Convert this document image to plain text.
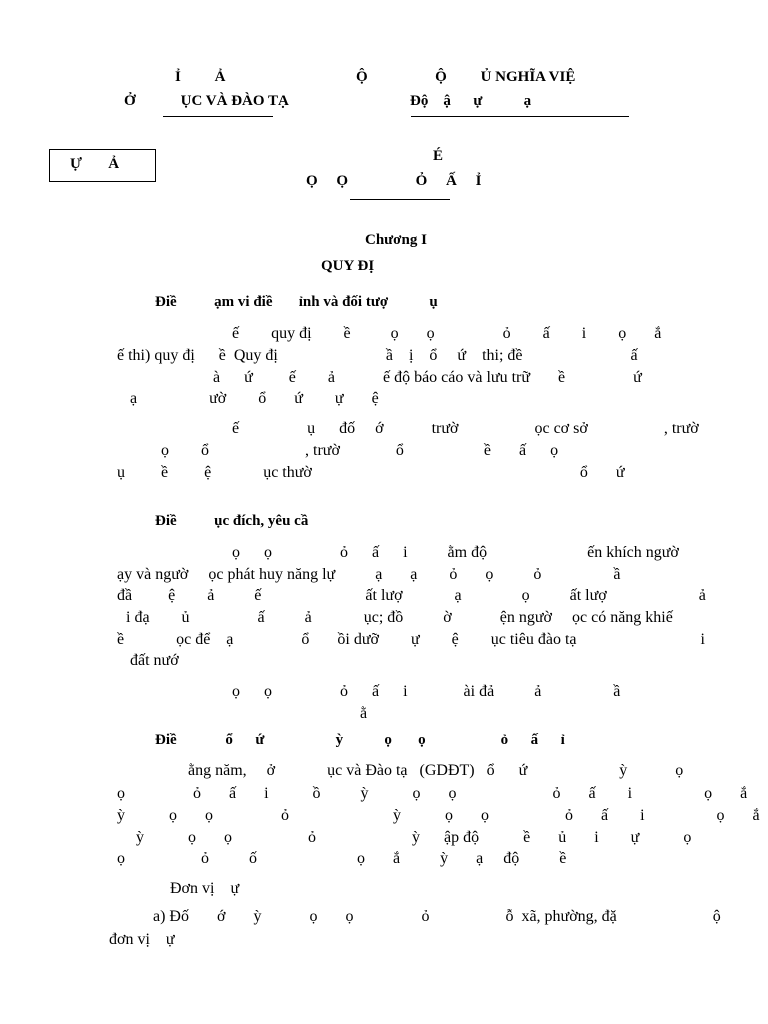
Ỉ         Ả
Ở            ỤC VÀ ĐÀO TẠ
Ộ                  Ộ         Ủ NGHĨA VIỆ
Độ    ậ      ự           ạ
Ự       Ả	É
Ọ     Ọ                  Ỏ     Ấ     Ỉ
Chương I
QUY ĐỊ
Điề          ạm vi điề       ỉnh và đối tượ           ụ
ế        quy đị        ề          ọ       ọ                 ỏ        ấ        i        ọ       ắ
ế thi) quy đị      ề  Quy đị                           ầ    ị    ổ     ứ    thi; đề                           ấ
à      ứ         ế        ả            ế độ báo cáo và lưu trữ       ề                 ứ
ạ                  ườ        ổ       ứ        ự       ệ
ế                 ụ      đố     ớ            trườ                   ọc cơ sở                   , trườ
ọ        ổ                        , trườ              ổ                    ề       ấ      ọ
ụ         ề         ệ             ục thườ                                                                   ổ       ứ
Điề          ục đích, yêu cầ
ọ      ọ                 ỏ      ấ      i          ằm độ                         ến khích ngườ
ạy và ngườ     ọc phát huy năng lự          ạ       ạ        ỏ       ọ          ỏ                  ầ
đầ         ệ        ả          ế                          ất lượ             ạ               ọ          ất lượ                       ả
i đạ        ủ                 ấ          ả             ục; đồ          ờ            ện ngườ     ọc có năng khiế
ề             ọc để    ạ                 ổ       ồi dưỡ        ự        ệ        ục tiêu đào tạ                               i
đất nướ
ọ      ọ                 ỏ      ấ      i              ài đả          ả                  ầ
ằ
Điề             ổ      ứ                   ỳ           ọ       ọ                    ỏ      ấ      ỉ
ằng năm,     ở             ục và Đào tạ   (GDĐT)   ổ      ứ                       ỳ            ọ
ọ                 ỏ       ấ       i           ồ          ỳ           ọ       ọ                        ỏ       ấ        i                  ọ       ắ
ỳ           ọ       ọ                 ỏ                          ỳ           ọ       ọ                   ỏ       ấ        i                  ọ       ắ
ỳ           ọ       ọ                   ỏ                        ỳ      ập độ           ề       ủ       i        ự           ọ
ọ                   ỏ          ố                         ọ       ắ          ỳ       ạ     độ          ề
Đơn vị    ự
a) Đố       ớ       ỳ            ọ       ọ                 ỏ                   ỗ  xã, phường, đặ                        ộ
đơn vị    ự
